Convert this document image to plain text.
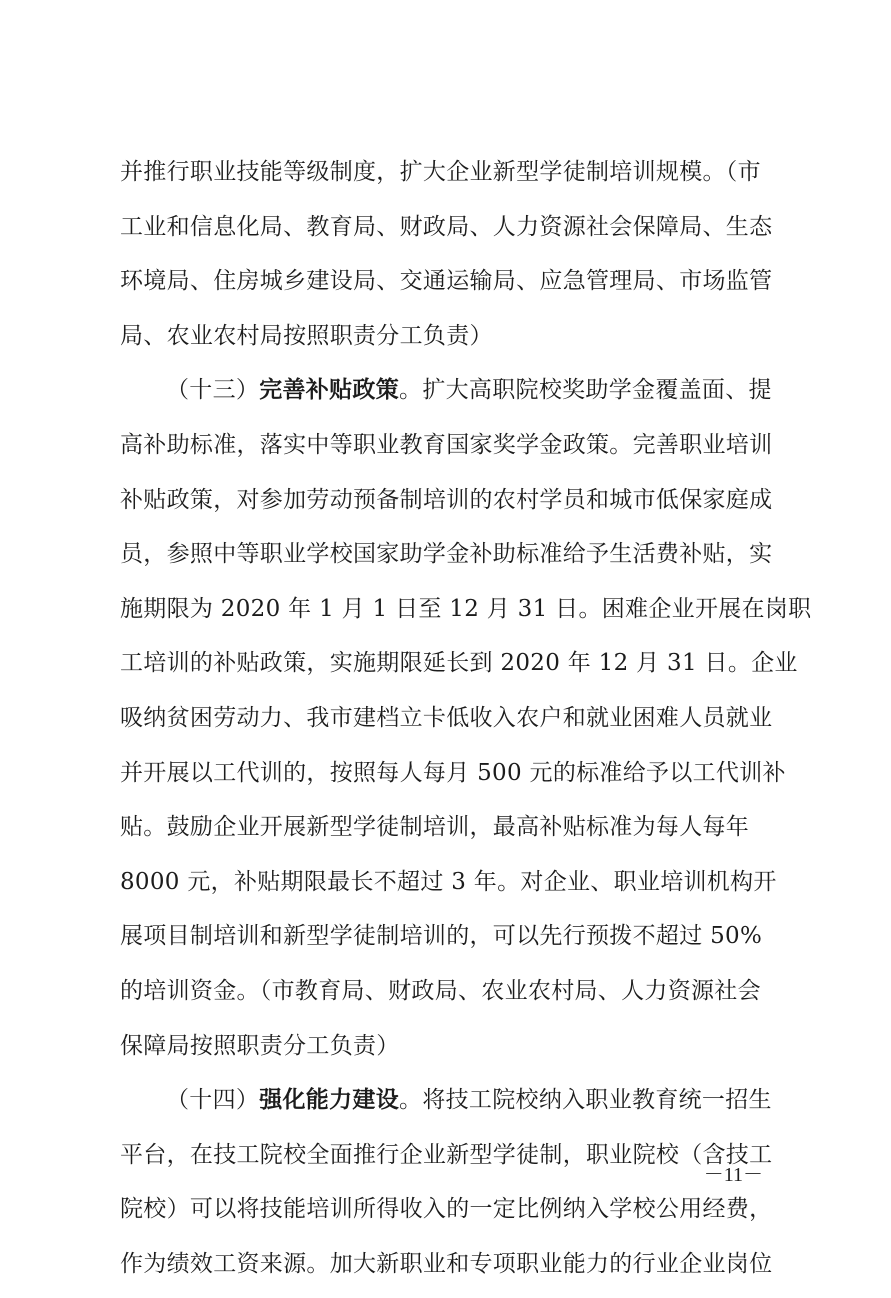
并推行职业技能等级制度，扩大企业新型学徒制培训规模。（市
工业和信息化局、教育局、财政局、人力资源社会保障局、生态
环境局、住房城乡建设局、交通运输局、应急管理局、市场监管
局、农业农村局按照职责分工负责）
（十三）完善补贴政策。扩大高职院校奖助学金覆盖面、提
高补助标准，落实中等职业教育国家奖学金政策。完善职业培训
补贴政策，对参加劳动预备制培训的农村学员和城市低保家庭成
员，参照中等职业学校国家助学金补助标准给予生活费补贴，实
施期限为 2020 年 1 月 1 日至 12 月 31 日。困难企业开展在岗职
工培训的补贴政策，实施期限延长到 2020 年 12 月 31 日。企业
吸纳贫困劳动力、我市建档立卡低收入农户和就业困难人员就业
并开展以工代训的，按照每人每月 500 元的标准给予以工代训补
贴。鼓励企业开展新型学徒制培训，最高补贴标准为每人每年
8000 元，补贴期限最长不超过 3 年。对企业、职业培训机构开
展项目制培训和新型学徒制培训的，可以先行预拨不超过 50%
的培训资金。（市教育局、财政局、农业农村局、人力资源社会
保障局按照职责分工负责）
（十四）强化能力建设。将技工院校纳入职业教育统一招生
平台，在技工院校全面推行企业新型学徒制，职业院校（含技工
院校）可以将技能培训所得收入的一定比例纳入学校公用经费，
作为绩效工资来源。加大新职业和专项职业能力的行业企业岗位
－11－
